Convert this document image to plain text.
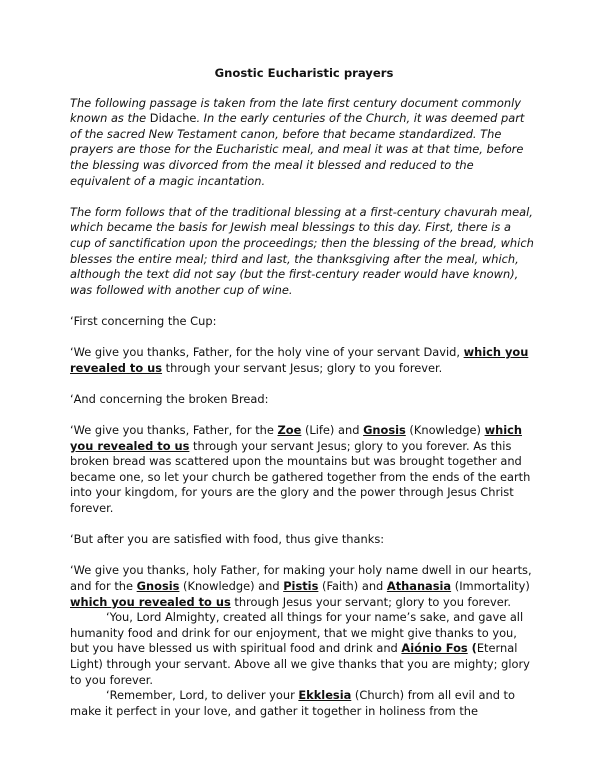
Gnostic Eucharistic prayers

The following passage is taken from the late first century document commonly known as the Didache. In the early centuries of the Church, it was deemed part of the sacred New Testament canon, before that became standardized. The prayers are those for the Eucharistic meal, and meal it was at that time, before the blessing was divorced from the meal it blessed and reduced to the equivalent of a magic incantation.

The form follows that of the traditional blessing at a first-century chavurah meal, which became the basis for Jewish meal blessings to this day. First, there is a cup of sanctification upon the proceedings; then the blessing of the bread, which blesses the entire meal; third and last, the thanksgiving after the meal, which, although the text did not say (but the first-century reader would have known), was followed with another cup of wine.

‘First concerning the Cup:

‘We give you thanks, Father, for the holy vine of your servant David, which you revealed to us through your servant Jesus; glory to you forever.

‘And concerning the broken Bread:

‘We give you thanks, Father, for the Zoe (Life) and Gnosis (Knowledge) which you revealed to us through your servant Jesus; glory to you forever. As this broken bread was scattered upon the mountains but was brought together and became one, so let your church be gathered together from the ends of the earth into your kingdom, for yours are the glory and the power through Jesus Christ forever.

‘But after you are satisfied with food, thus give thanks:

‘We give you thanks, holy Father, for making your holy name dwell in our hearts, and for the Gnosis (Knowledge) and Pistis (Faith) and Athanasia (Immortality) which you revealed to us through Jesus your servant; glory to you forever.

‘You, Lord Almighty, created all things for your name’s sake, and gave all humanity food and drink for our enjoyment, that we might give thanks to you, but you have blessed us with spiritual food and drink and Aiónio Fos (Eternal Light) through your servant. Above all we give thanks that you are mighty; glory to you forever.

‘Remember, Lord, to deliver your Ekklesia (Church) from all evil and to make it perfect in your love, and gather it together in holiness from the
